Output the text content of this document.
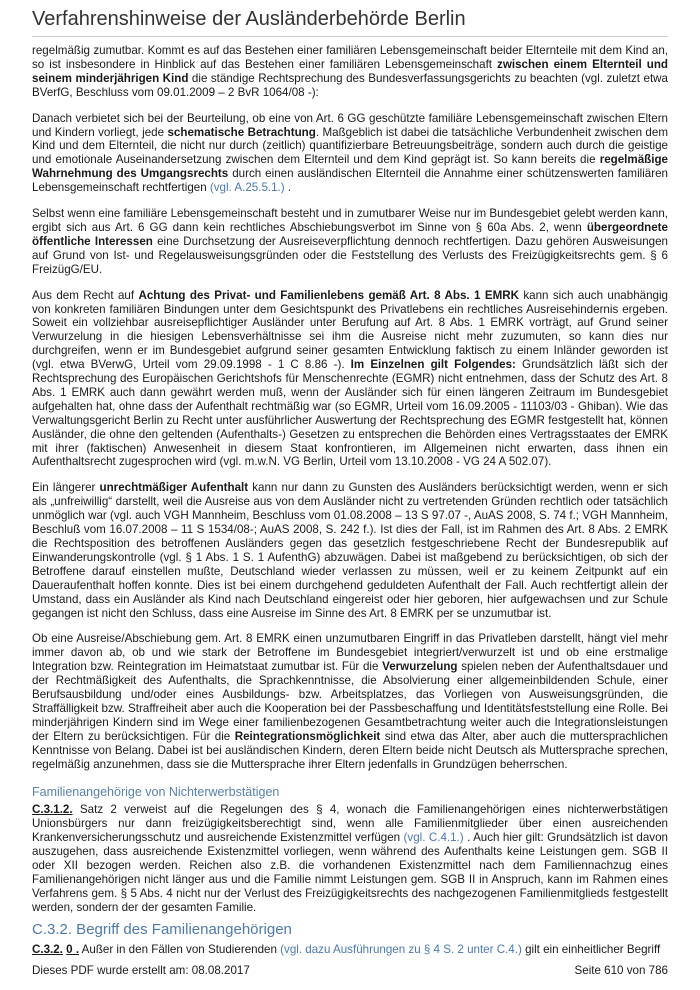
Verfahrenshinweise der Ausländerbehörde Berlin

regelmäßig zumutbar. Kommt es auf das Bestehen einer familiären Lebensgemeinschaft beider Elternteile mit dem Kind an, so ist insbesondere in Hinblick auf das Bestehen einer familiären Lebensgemeinschaft zwischen einem Elternteil und seinem minderjährigen Kind die ständige Rechtsprechung des Bundesverfassungsgerichts zu beachten (vgl. zuletzt etwa BVerfG, Beschluss vom 09.01.2009 – 2 BvR 1064/08 -):

Danach verbietet sich bei der Beurteilung, ob eine von Art. 6 GG geschützte familiäre Lebensgemeinschaft zwischen Eltern und Kindern vorliegt, jede schematische Betrachtung. Maßgeblich ist dabei die tatsächliche Verbundenheit zwischen dem Kind und dem Elternteil, die nicht nur durch (zeitlich) quantifizierbare Betreuungsbeiträge, sondern auch durch die geistige und emotionale Auseinandersetzung zwischen dem Elternteil und dem Kind geprägt ist. So kann bereits die regelmäßige Wahrnehmung des Umgangsrechts durch einen ausländischen Elternteil die Annahme einer schützenswerten familiären Lebensgemeinschaft rechtfertigen (vgl. A.25.5.1.) .

Selbst wenn eine familiäre Lebensgemeinschaft besteht und in zumutbarer Weise nur im Bundesgebiet gelebt werden kann, ergibt sich aus Art. 6 GG dann kein rechtliches Abschiebungsverbot im Sinne von § 60a Abs. 2, wenn übergeordnete öffentliche Interessen eine Durchsetzung der Ausreiseverpflichtung dennoch rechtfertigen. Dazu gehören Ausweisungen auf Grund von Ist- und Regelausweisungsgründen oder die Feststellung des Verlusts des Freizügigkeitsrechts gem. § 6 FreizügG/EU.

Aus dem Recht auf Achtung des Privat- und Familienlebens gemäß Art. 8 Abs. 1 EMRK kann sich auch unabhängig von konkreten familiären Bindungen unter dem Gesichtspunkt des Privatlebens ein rechtliches Ausreisehindernis ergeben. Soweit ein vollziehbar ausreisepflichtiger Ausländer unter Berufung auf Art. 8 Abs. 1 EMRK vorträgt, auf Grund seiner Verwurzelung in die hiesigen Lebensverhältnisse sei ihm die Ausreise nicht mehr zuzumuten, so kann dies nur durchgreifen, wenn er im Bundesgebiet aufgrund seiner gesamten Entwicklung faktisch zu einem Inländer geworden ist (vgl. etwa BVerwG, Urteil vom 29.09.1998 - 1 C 8.86 -). Im Einzelnen gilt Folgendes: Grundsätzlich läßt sich der Rechtsprechung des Europäischen Gerichtshofs für Menschenrechte (EGMR) nicht entnehmen, dass der Schutz des Art. 8 Abs. 1 EMRK auch dann gewährt werden muß, wenn der Ausländer sich für einen längeren Zeitraum im Bundesgebiet aufgehalten hat, ohne dass der Aufenthalt rechtmäßig war (so EGMR, Urteil vom 16.09.2005 - 11103/03 - Ghiban). Wie das Verwaltungsgericht Berlin zu Recht unter ausführlicher Auswertung der Rechtsprechung des EGMR festgestellt hat, können Ausländer, die ohne den geltenden (Aufenthalts-) Gesetzen zu entsprechen die Behörden eines Vertragsstaates der EMRK mit ihrer (faktischen) Anwesenheit in diesem Staat konfrontieren, im Allgemeinen nicht erwarten, dass ihnen ein Aufenthaltsrecht zugesprochen wird (vgl. m.w.N. VG Berlin, Urteil vom 13.10.2008 - VG 24 A 502.07).

Ein längerer unrechtmäßiger Aufenthalt kann nur dann zu Gunsten des Ausländers berücksichtigt werden, wenn er sich als „unfreiwillig“ darstellt, weil die Ausreise aus von dem Ausländer nicht zu vertretenden Gründen rechtlich oder tatsächlich unmöglich war (vgl. auch VGH Mannheim, Beschluss vom 01.08.2008 – 13 S 97.07 -, AuAS 2008, S. 74 f.; VGH Mannheim, Beschluß vom 16.07.2008 – 11 S 1534/08-; AuAS 2008, S. 242 f.). Ist dies der Fall, ist im Rahmen des Art. 8 Abs. 2 EMRK die Rechtsposition des betroffenen Ausländers gegen das gesetzlich festgeschriebene Recht der Bundesrepublik auf Einwanderungskontrolle (vgl. § 1 Abs. 1 S. 1 AufenthG) abzuwägen. Dabei ist maßgebend zu berücksichtigen, ob sich der Betroffene darauf einstellen mußte, Deutschland wieder verlassen zu müssen, weil er zu keinem Zeitpunkt auf ein Daueraufenthalt hoffen konnte. Dies ist bei einem durchgehend geduldeten Aufenthalt der Fall. Auch rechtfertigt allein der Umstand, dass ein Ausländer als Kind nach Deutschland eingereist oder hier geboren, hier aufgewachsen und zur Schule gegangen ist nicht den Schluss, dass eine Ausreise im Sinne des Art. 8 EMRK per se unzumutbar ist.

Ob eine Ausreise/Abschiebung gem. Art. 8 EMRK einen unzumutbaren Eingriff in das Privatleben darstellt, hängt viel mehr immer davon ab, ob und wie stark der Betroffene im Bundesgebiet integriert/verwurzelt ist und ob eine erstmalige Integration bzw. Reintegration im Heimatstaat zumutbar ist. Für die Verwurzelung spielen neben der Aufenthaltsdauer und der Rechtmäßigkeit des Aufenthalts, die Sprachkenntnisse, die Absolvierung einer allgemeinbildenden Schule, einer Berufsausbildung und/oder eines Ausbildungs- bzw. Arbeitsplatzes, das Vorliegen von Ausweisungsgründen, die Straffälligkeit bzw. Straffreiheit aber auch die Kooperation bei der Passbeschaffung und Identitätsfeststellung eine Rolle. Bei minderjährigen Kindern sind im Wege einer familienbezogenen Gesamtbetrachtung weiter auch die Integrationsleistungen der Eltern zu berücksichtigen. Für die Reintegrationsmöglichkeit sind etwa das Alter, aber auch die muttersprachlichen Kenntnisse von Belang. Dabei ist bei ausländischen Kindern, deren Eltern beide nicht Deutsch als Muttersprache sprechen, regelmäßig anzunehmen, dass sie die Muttersprache ihrer Eltern jedenfalls in Grundzügen beherrschen.

Familienangehörige von Nichterwerbstätigen

C.3.1.2. Satz 2 verweist auf die Regelungen des § 4, wonach die Familienangehörigen eines nichterwerbstätigen Unionsbürgers nur dann freizügigkeitsberechtigt sind, wenn alle Familienmitglieder über einen ausreichenden Krankenversicherungsschutz und ausreichende Existenzmittel verfügen (vgl. C.4.1.) . Auch hier gilt: Grundsätzlich ist davon auszugehen, dass ausreichende Existenzmittel vorliegen, wenn während des Aufenthalts keine Leistungen gem. SGB II oder XII bezogen werden. Reichen also z.B. die vorhandenen Existenzmittel nach dem Familiennachzug eines Familienangehörigen nicht länger aus und die Familie nimmt Leistungen gem. SGB II in Anspruch, kann im Rahmen eines Verfahrens gem. § 5 Abs. 4 nicht nur der Verlust des Freizügigkeitsrechts des nachgezogenen Familienmitglieds festgestellt werden, sondern der der gesamten Familie.

C.3.2. Begriff des Familienangehörigen

C.3.2. 0 . Außer in den Fällen von Studierenden (vgl. dazu Ausführungen zu § 4 S. 2 unter C.4.) gilt ein einheitlicher Begriff

Dieses PDF wurde erstellt am: 08.08.2017	Seite 610 von 786
